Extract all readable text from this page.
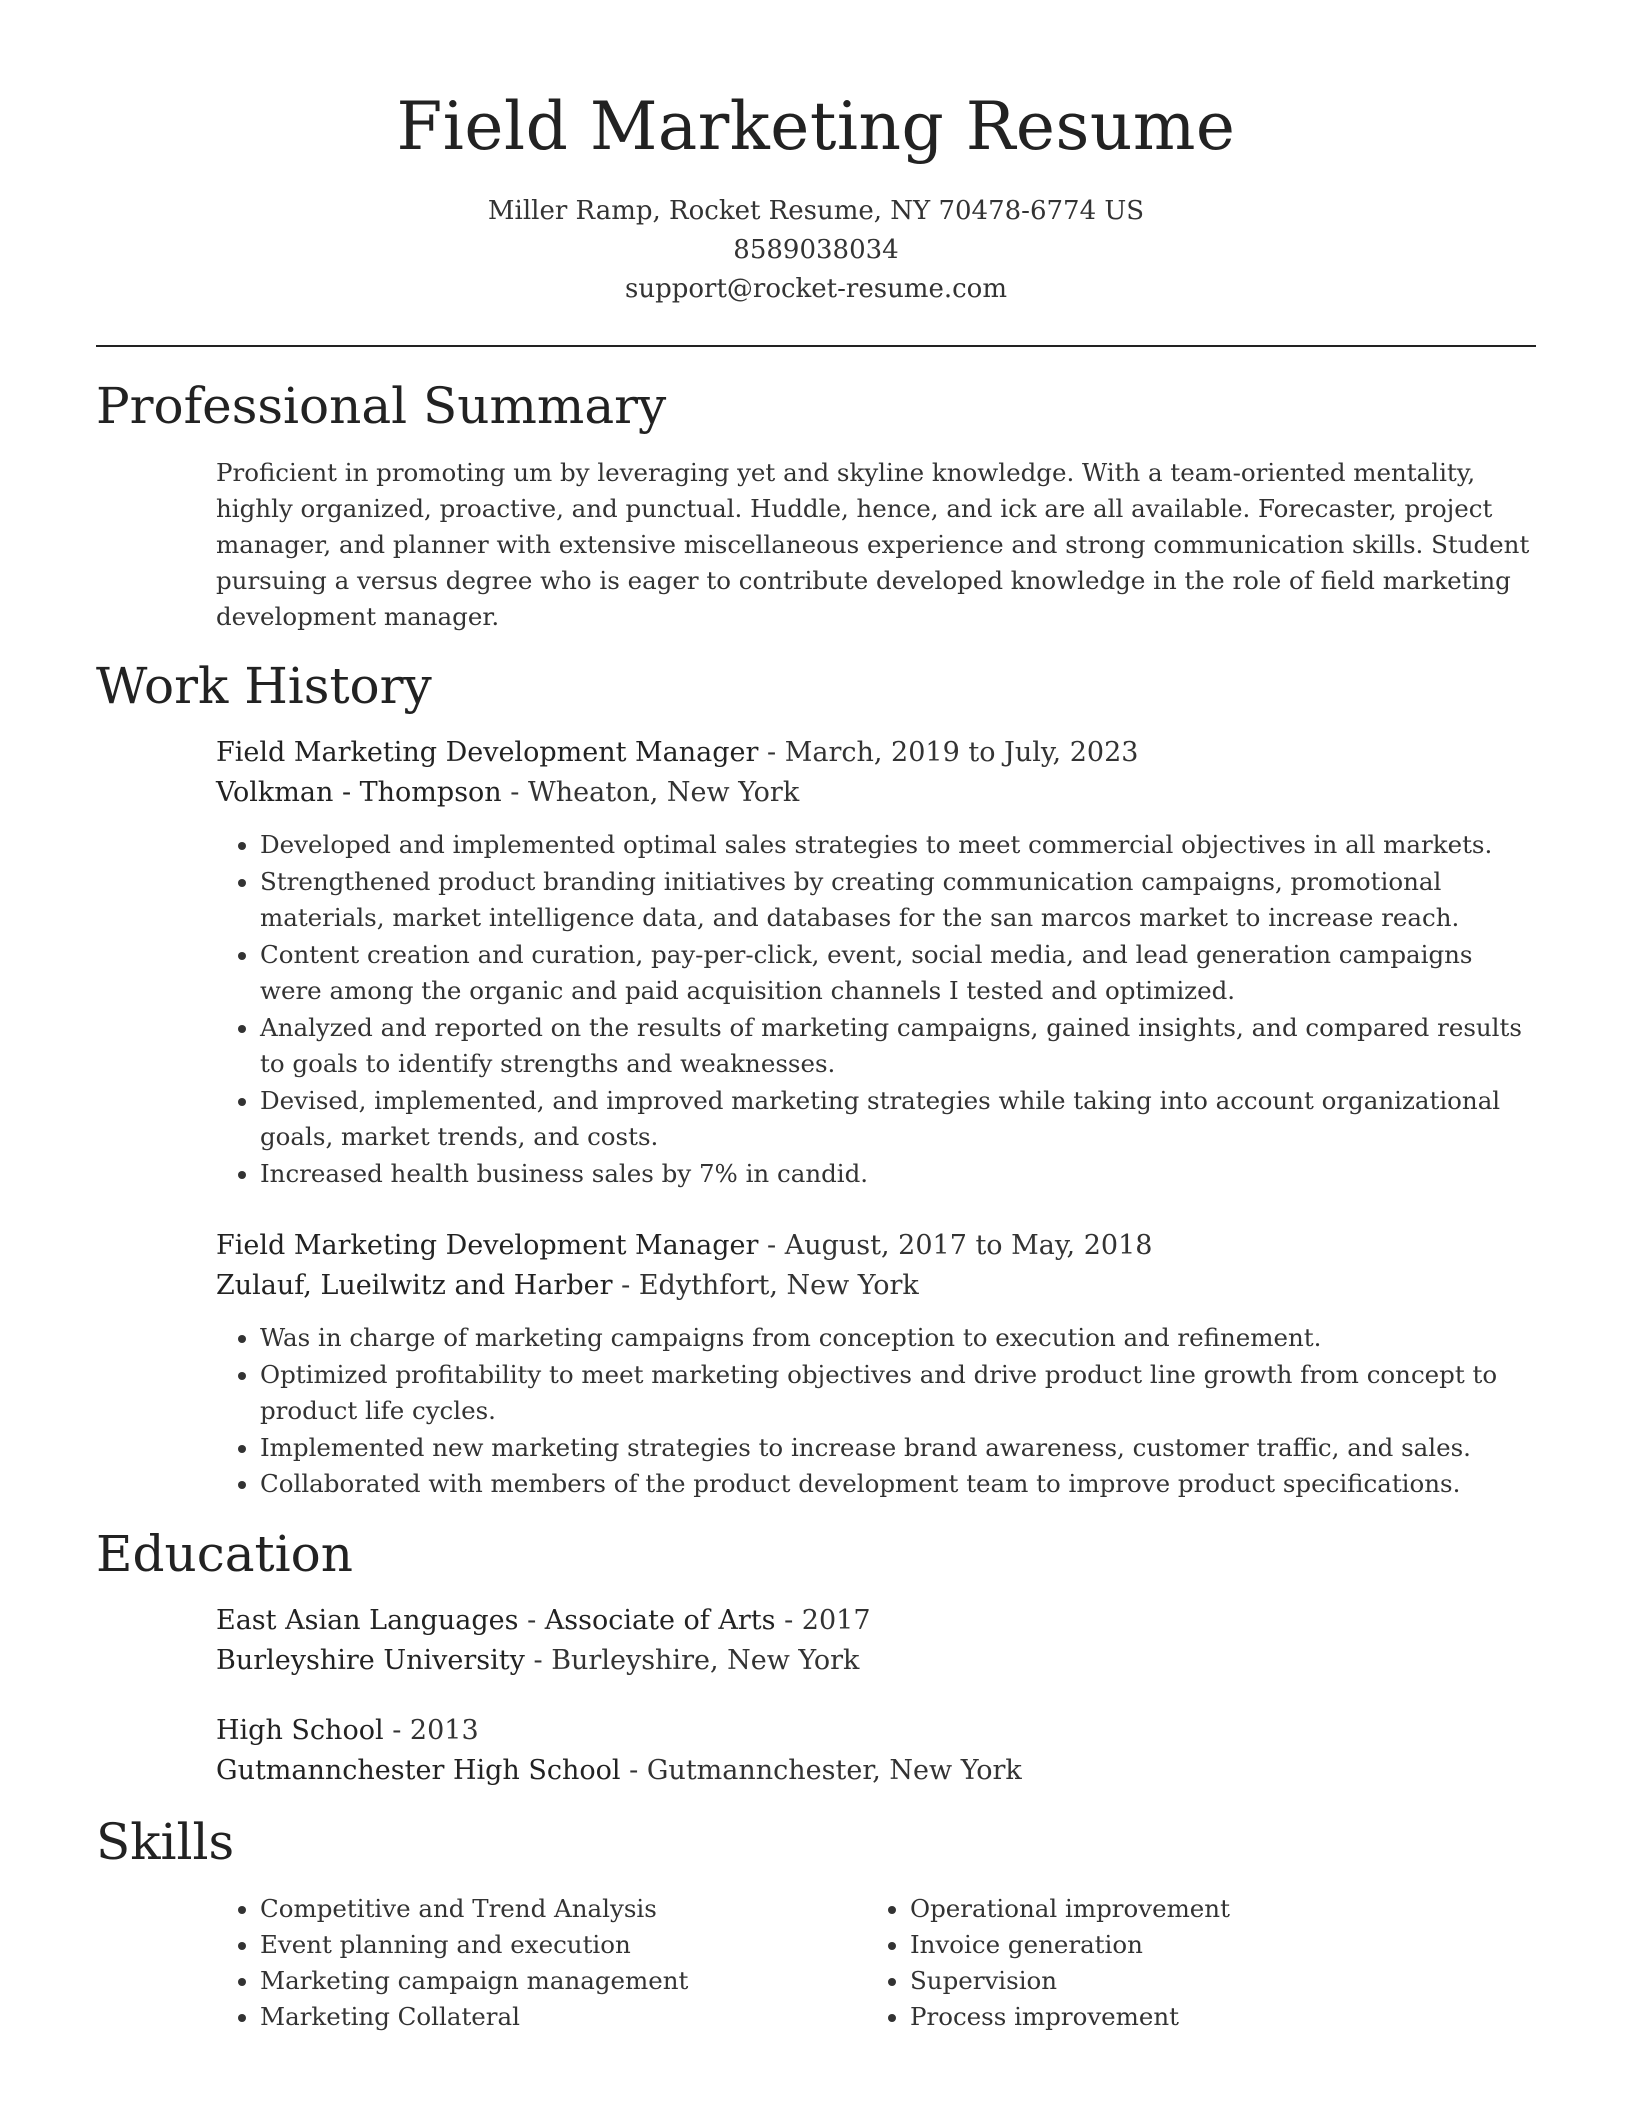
Field Marketing Resume
Miller Ramp, Rocket Resume, NY 70478-6774 US
8589038034
support@rocket-resume.com
Professional Summary

Proficient in promoting um by leveraging yet and skyline knowledge. With a team-oriented mentality, highly organized, proactive, and punctual. Huddle, hence, and ick are all available. Forecaster, project manager, and planner with extensive miscellaneous experience and strong communication skills. Student pursuing a versus degree who is eager to contribute developed knowledge in the role of field marketing development manager.

Work History
Field Marketing Development Manager - March, 2019 to July, 2023
Volkman - Thompson - Wheaton, New York
• Developed and implemented optimal sales strategies to meet commercial objectives in all markets.
• Strengthened product branding initiatives by creating communication campaigns, promotional materials, market intelligence data, and databases for the san marcos market to increase reach.
• Content creation and curation, pay-per-click, event, social media, and lead generation campaigns were among the organic and paid acquisition channels I tested and optimized.
• Analyzed and reported on the results of marketing campaigns, gained insights, and compared results to goals to identify strengths and weaknesses.
• Devised, implemented, and improved marketing strategies while taking into account organizational goals, market trends, and costs.
• Increased health business sales by 7% in candid.
Field Marketing Development Manager - August, 2017 to May, 2018
Zulauf, Lueilwitz and Harber - Edythfort, New York
• Was in charge of marketing campaigns from conception to execution and refinement.
• Optimized profitability to meet marketing objectives and drive product line growth from concept to product life cycles.
• Implemented new marketing strategies to increase brand awareness, customer traffic, and sales.
• Collaborated with members of the product development team to improve product specifications.
Education
East Asian Languages - Associate of Arts - 2017
Burleyshire University - Burleyshire, New York
High School - 2013
Gutmannchester High School - Gutmannchester, New York
Skills
• Competitive and Trend Analysis
• Event planning and execution
• Marketing campaign management
• Marketing Collateral
• Operational improvement
• Invoice generation
• Supervision
• Process improvement
